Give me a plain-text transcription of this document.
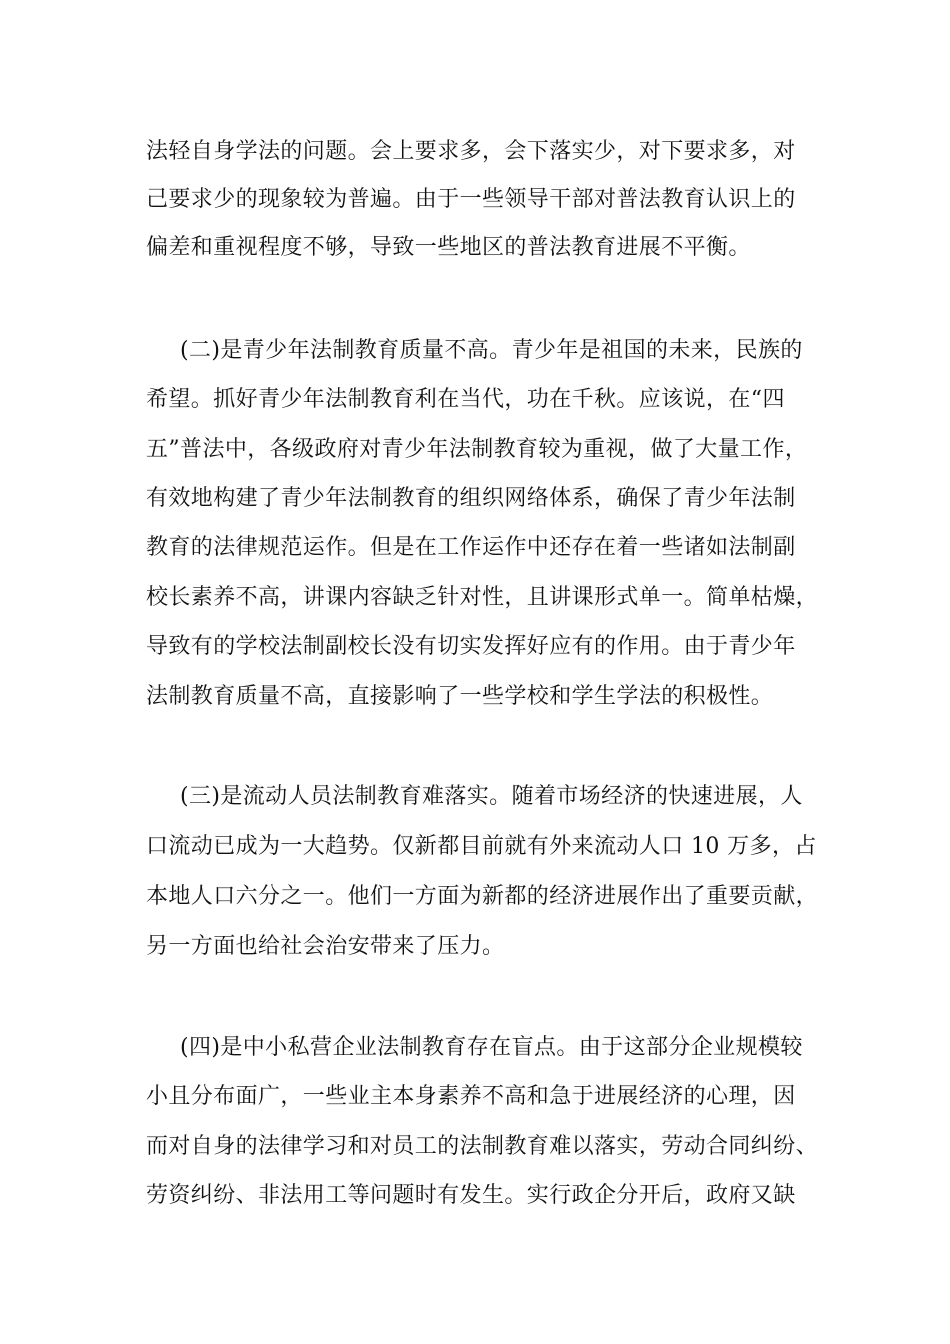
法轻自身学法的问题。会上要求多，会下落实少，对下要求多，对
己要求少的现象较为普遍。由于一些领导干部对普法教育认识上的
偏差和重视程度不够，导致一些地区的普法教育进展不平衡。
(二)是青少年法制教育质量不高。青少年是祖国的未来，民族的
希望。抓好青少年法制教育利在当代，功在千秋。应该说，在“四
五”普法中，各级政府对青少年法制教育较为重视，做了大量工作，
有效地构建了青少年法制教育的组织网络体系，确保了青少年法制
教育的法律规范运作。但是在工作运作中还存在着一些诸如法制副
校长素养不高，讲课内容缺乏针对性，且讲课形式单一。简单枯燥，
导致有的学校法制副校长没有切实发挥好应有的作用。由于青少年
法制教育质量不高，直接影响了一些学校和学生学法的积极性。
(三)是流动人员法制教育难落实。随着市场经济的快速进展，人
口流动已成为一大趋势。仅新都目前就有外来流动人口 10 万多，占
本地人口六分之一。他们一方面为新都的经济进展作出了重要贡献，
另一方面也给社会治安带来了压力。
(四)是中小私营企业法制教育存在盲点。由于这部分企业规模较
小且分布面广，一些业主本身素养不高和急于进展经济的心理，因
而对自身的法律学习和对员工的法制教育难以落实，劳动合同纠纷、
劳资纠纷、非法用工等问题时有发生。实行政企分开后，政府又缺
